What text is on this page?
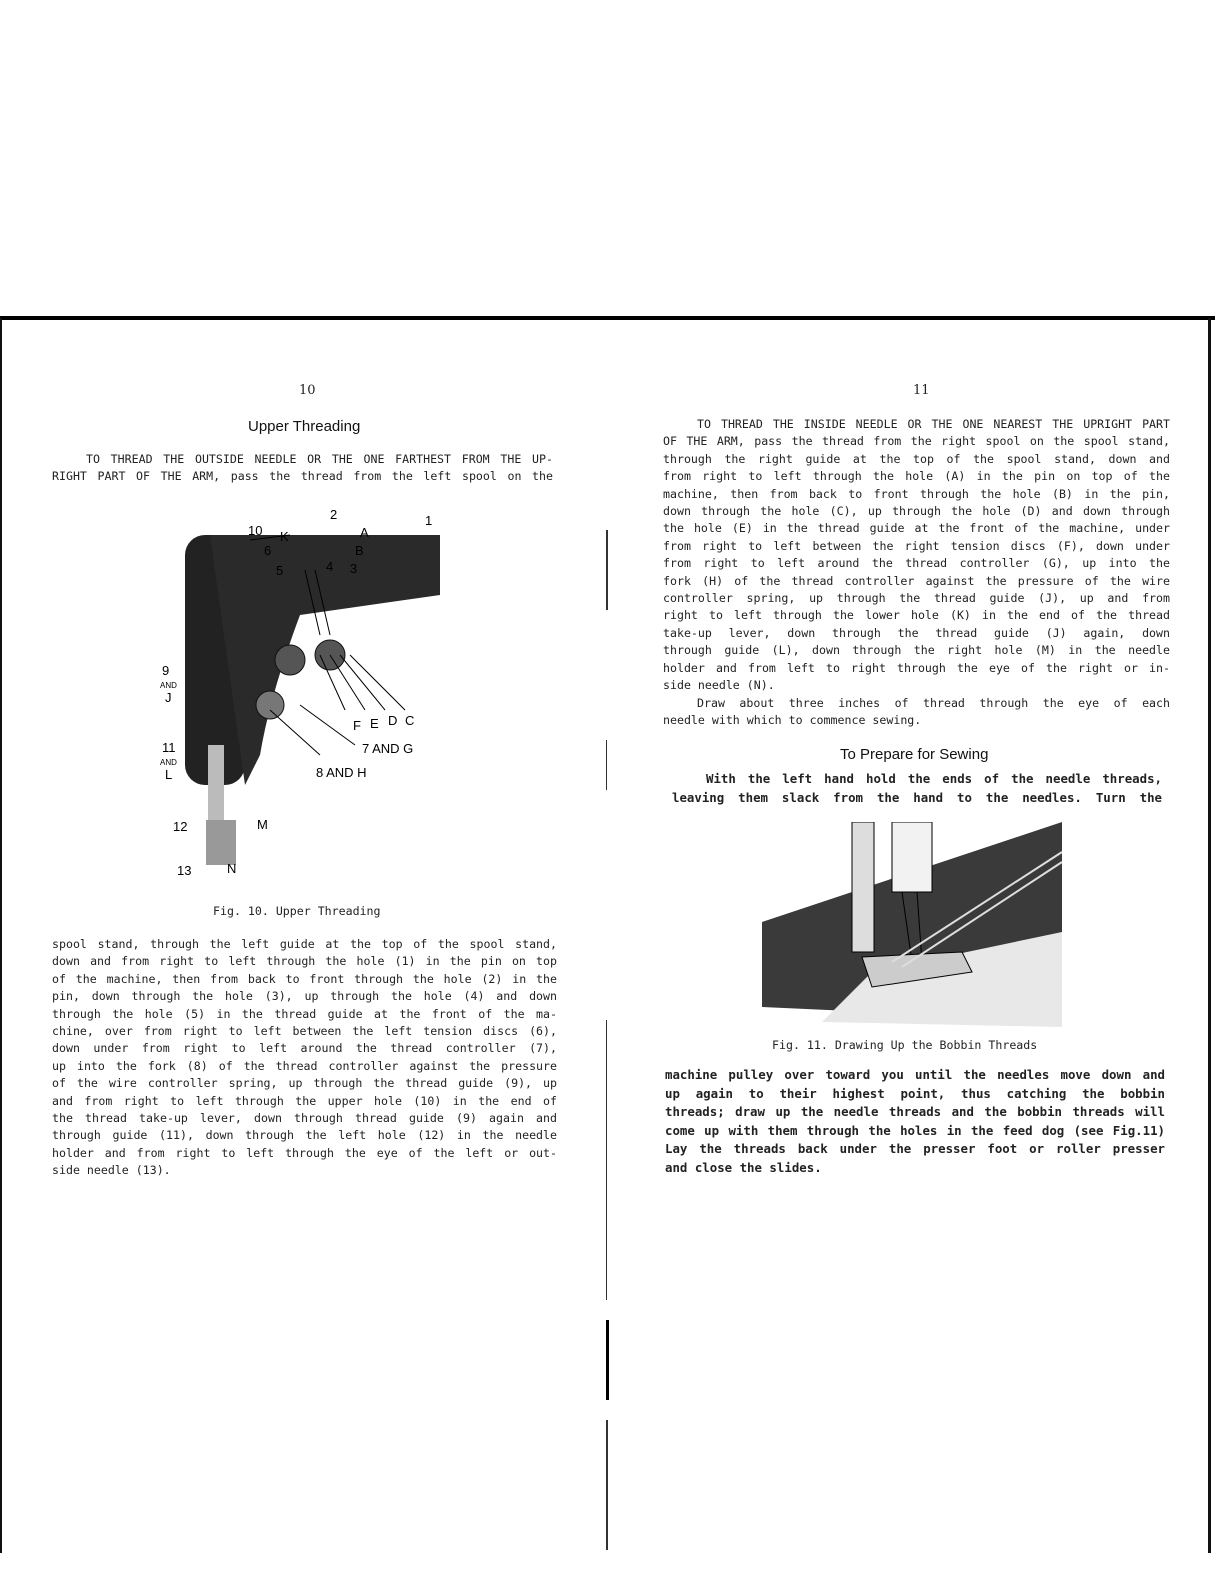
10
Upper Threading
TO THREAD THE OUTSIDE NEEDLE OR THE ONE FARTHEST FROM THE UP-
RIGHT PART OF THE ARM, pass the thread from the left spool on the
2
A
B
1
10 K
6
5	4 3
9
AND
J
11
AND
L
12	M
13	N
F E D C
7 AND G
8 AND H
Fig. 10. Upper Threading
spool stand, through the left guide at the top of the spool stand,
down and from right to left through the hole (1) in the pin on top
of the machine, then from back to front through the hole (2) in the
pin, down through the hole (3), up through the hole (4) and down
through the hole (5) in the thread guide at the front of the ma-
chine, over from right to left between the left tension discs (6),
down under from right to left around the thread controller (7),
up into the fork (8) of the thread controller against the pressure
of the wire controller spring, up through the thread guide (9), up
and from right to left through the upper hole (10) in the end of
the thread take-up lever, down through thread guide (9) again and
through guide (11), down through the left hole (12) in the needle
holder and from right to left through the eye of the left or out-
side needle (13).
11
TO THREAD THE INSIDE NEEDLE OR THE ONE NEAREST THE UPRIGHT PART
OF THE ARM, pass the thread from the right spool on the spool stand,
through the right guide at the top of the spool stand, down and
from right to left through the hole (A) in the pin on top of the
machine, then from back to front through the hole (B) in the pin,
down through the hole (C), up through the hole (D) and down through
the hole (E) in the thread guide at the front of the machine, under
from right to left between the right tension discs (F), down under
from right to left around the thread controller (G), up into the
fork (H) of the thread controller against the pressure of the wire
controller spring, up through the thread guide (J), up and from
right to left through the lower hole (K) in the end of the thread
take-up lever, down through the thread guide (J) again, down
through guide (L), down through the right hole (M) in the needle
holder and from left to right through the eye of the right or in-
side needle (N).
Draw about three inches of thread through the eye of each
needle with which to commence sewing.
To Prepare for Sewing
With the left hand hold the ends of the needle threads,
leaving them slack from the hand to the needles. Turn the
Fig. 11. Drawing Up the Bobbin Threads
machine pulley over toward you until the needles move down and
up again to their highest point, thus catching the bobbin
threads; draw up the needle threads and the bobbin threads will
come up with them through the holes in the feed dog (see Fig.11)
Lay the threads back under the presser foot or roller presser
and close the slides.
